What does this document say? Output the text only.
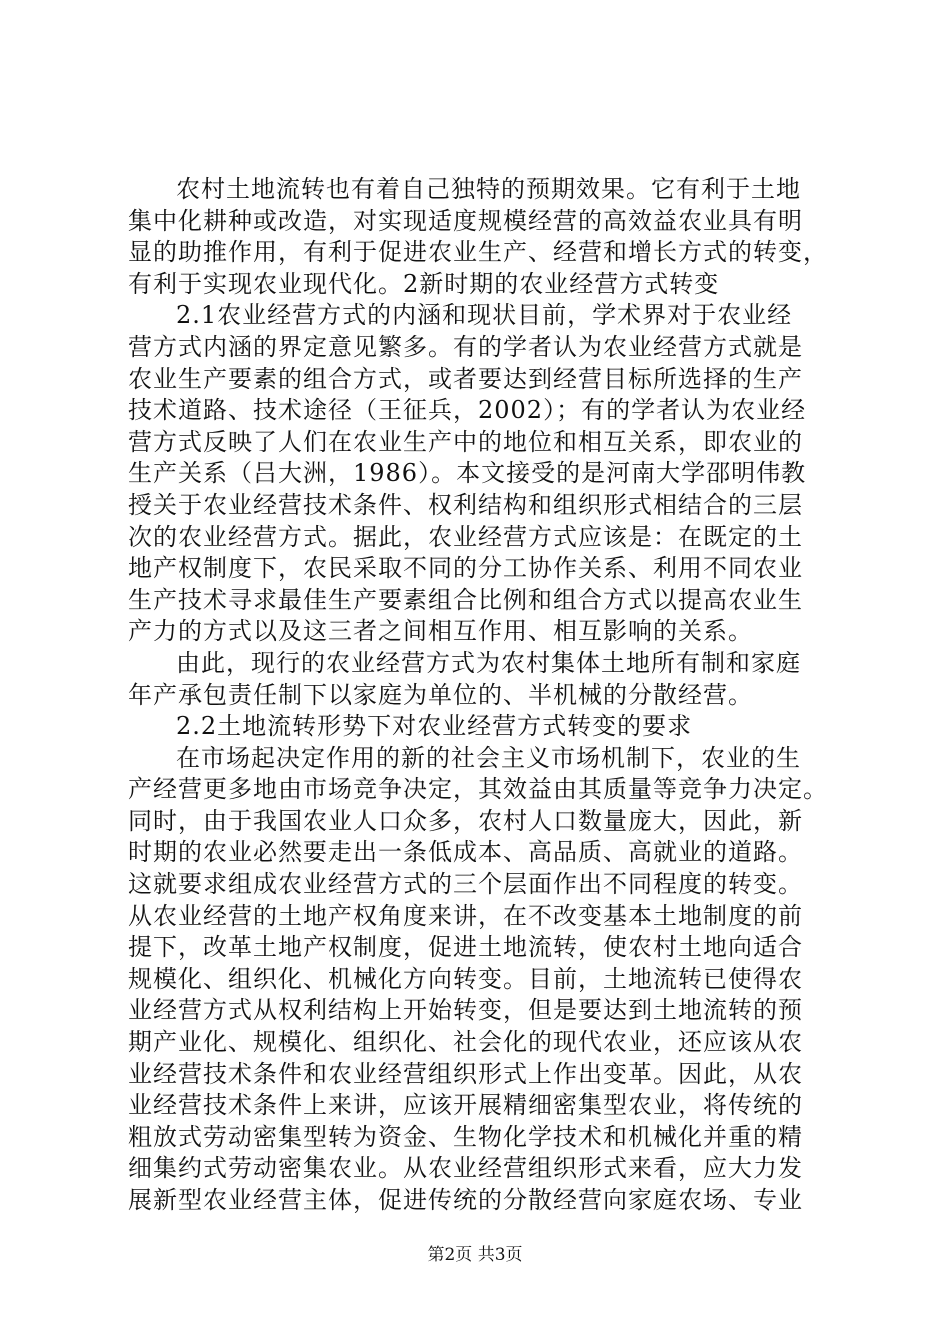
农村土地流转也有着自己独特的预期效果。它有利于土地
集中化耕种或改造，对实现适度规模经营的高效益农业具有明
显的助推作用，有利于促进农业生产、经营和增长方式的转变，
有利于实现农业现代化。2新时期的农业经营方式转变
2.1农业经营方式的内涵和现状目前，学术界对于农业经
营方式内涵的界定意见繁多。有的学者认为农业经营方式就是
农业生产要素的组合方式，或者要达到经营目标所选择的生产
技术道路、技术途径（王征兵，2002）；有的学者认为农业经
营方式反映了人们在农业生产中的地位和相互关系，即农业的
生产关系（吕大洲，1986）。本文接受的是河南大学邵明伟教
授关于农业经营技术条件、权利结构和组织形式相结合的三层
次的农业经营方式。据此，农业经营方式应该是：在既定的土
地产权制度下，农民采取不同的分工协作关系、利用不同农业
生产技术寻求最佳生产要素组合比例和组合方式以提高农业生
产力的方式以及这三者之间相互作用、相互影响的关系。
由此，现行的农业经营方式为农村集体土地所有制和家庭
年产承包责任制下以家庭为单位的、半机械的分散经营。
2.2土地流转形势下对农业经营方式转变的要求
在市场起决定作用的新的社会主义市场机制下，农业的生
产经营更多地由市场竞争决定，其效益由其质量等竞争力决定。
同时，由于我国农业人口众多，农村人口数量庞大，因此，新
时期的农业必然要走出一条低成本、高品质、高就业的道路。
这就要求组成农业经营方式的三个层面作出不同程度的转变。
从农业经营的土地产权角度来讲，在不改变基本土地制度的前
提下，改革土地产权制度，促进土地流转，使农村土地向适合
规模化、组织化、机械化方向转变。目前，土地流转已使得农
业经营方式从权利结构上开始转变，但是要达到土地流转的预
期产业化、规模化、组织化、社会化的现代农业，还应该从农
业经营技术条件和农业经营组织形式上作出变革。因此，从农
业经营技术条件上来讲，应该开展精细密集型农业，将传统的
粗放式劳动密集型转为资金、生物化学技术和机械化并重的精
细集约式劳动密集农业。从农业经营组织形式来看，应大力发
展新型农业经营主体，促进传统的分散经营向家庭农场、专业
第2页 共3页
